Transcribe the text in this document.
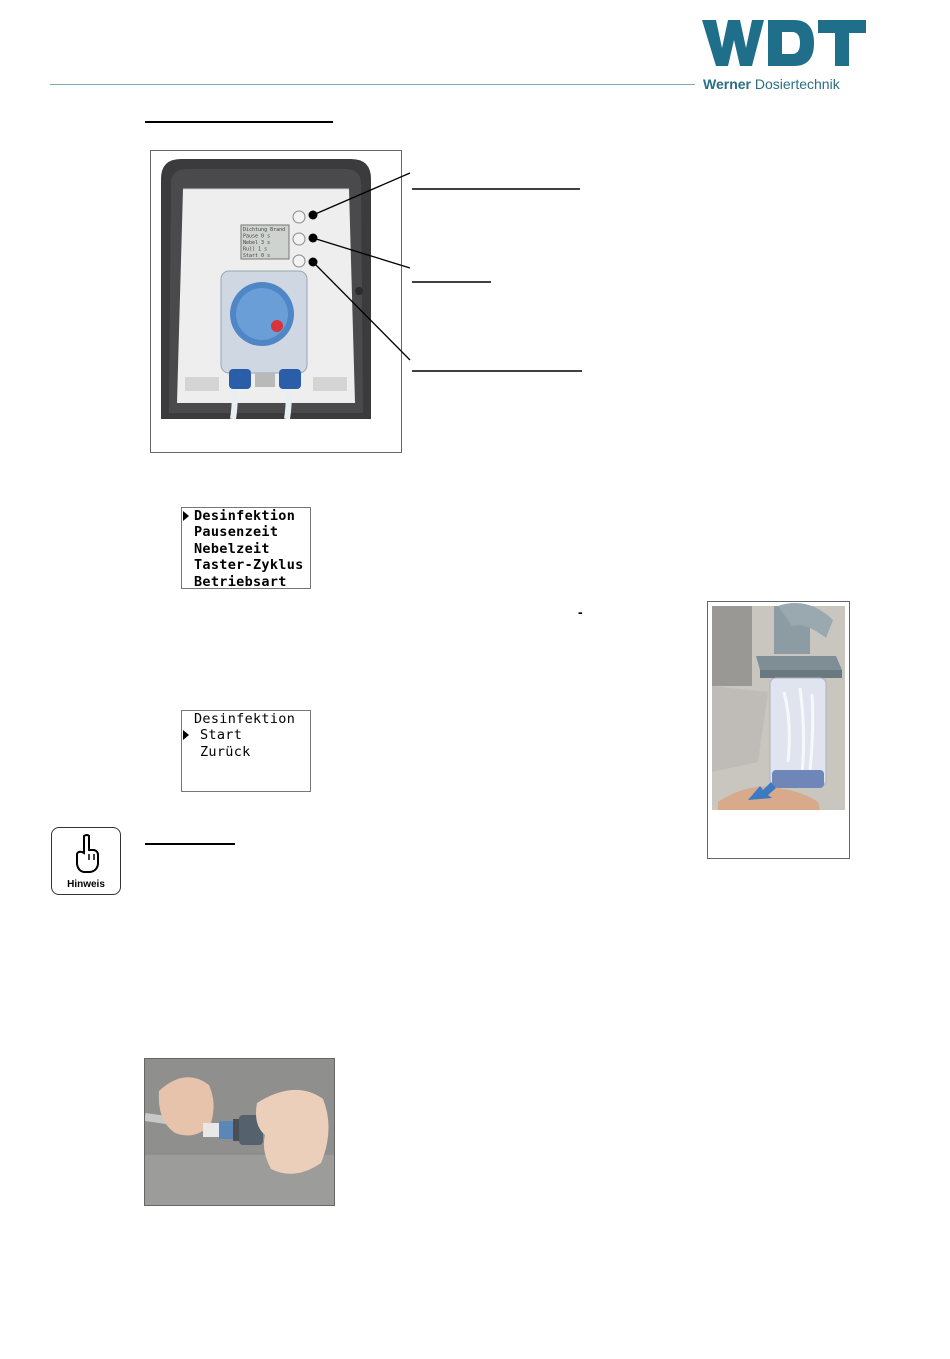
Werner Dosiertechnik
Dichtung Brand
Pause 0 s
Nebel 3 s
Rull 1 s
Start 0 s
Desinfektion
Pausenzeit
Nebelzeit
Taster-Zyklus
Betriebsart
-
Desinfektion
Start
Zurück
Hinweis
